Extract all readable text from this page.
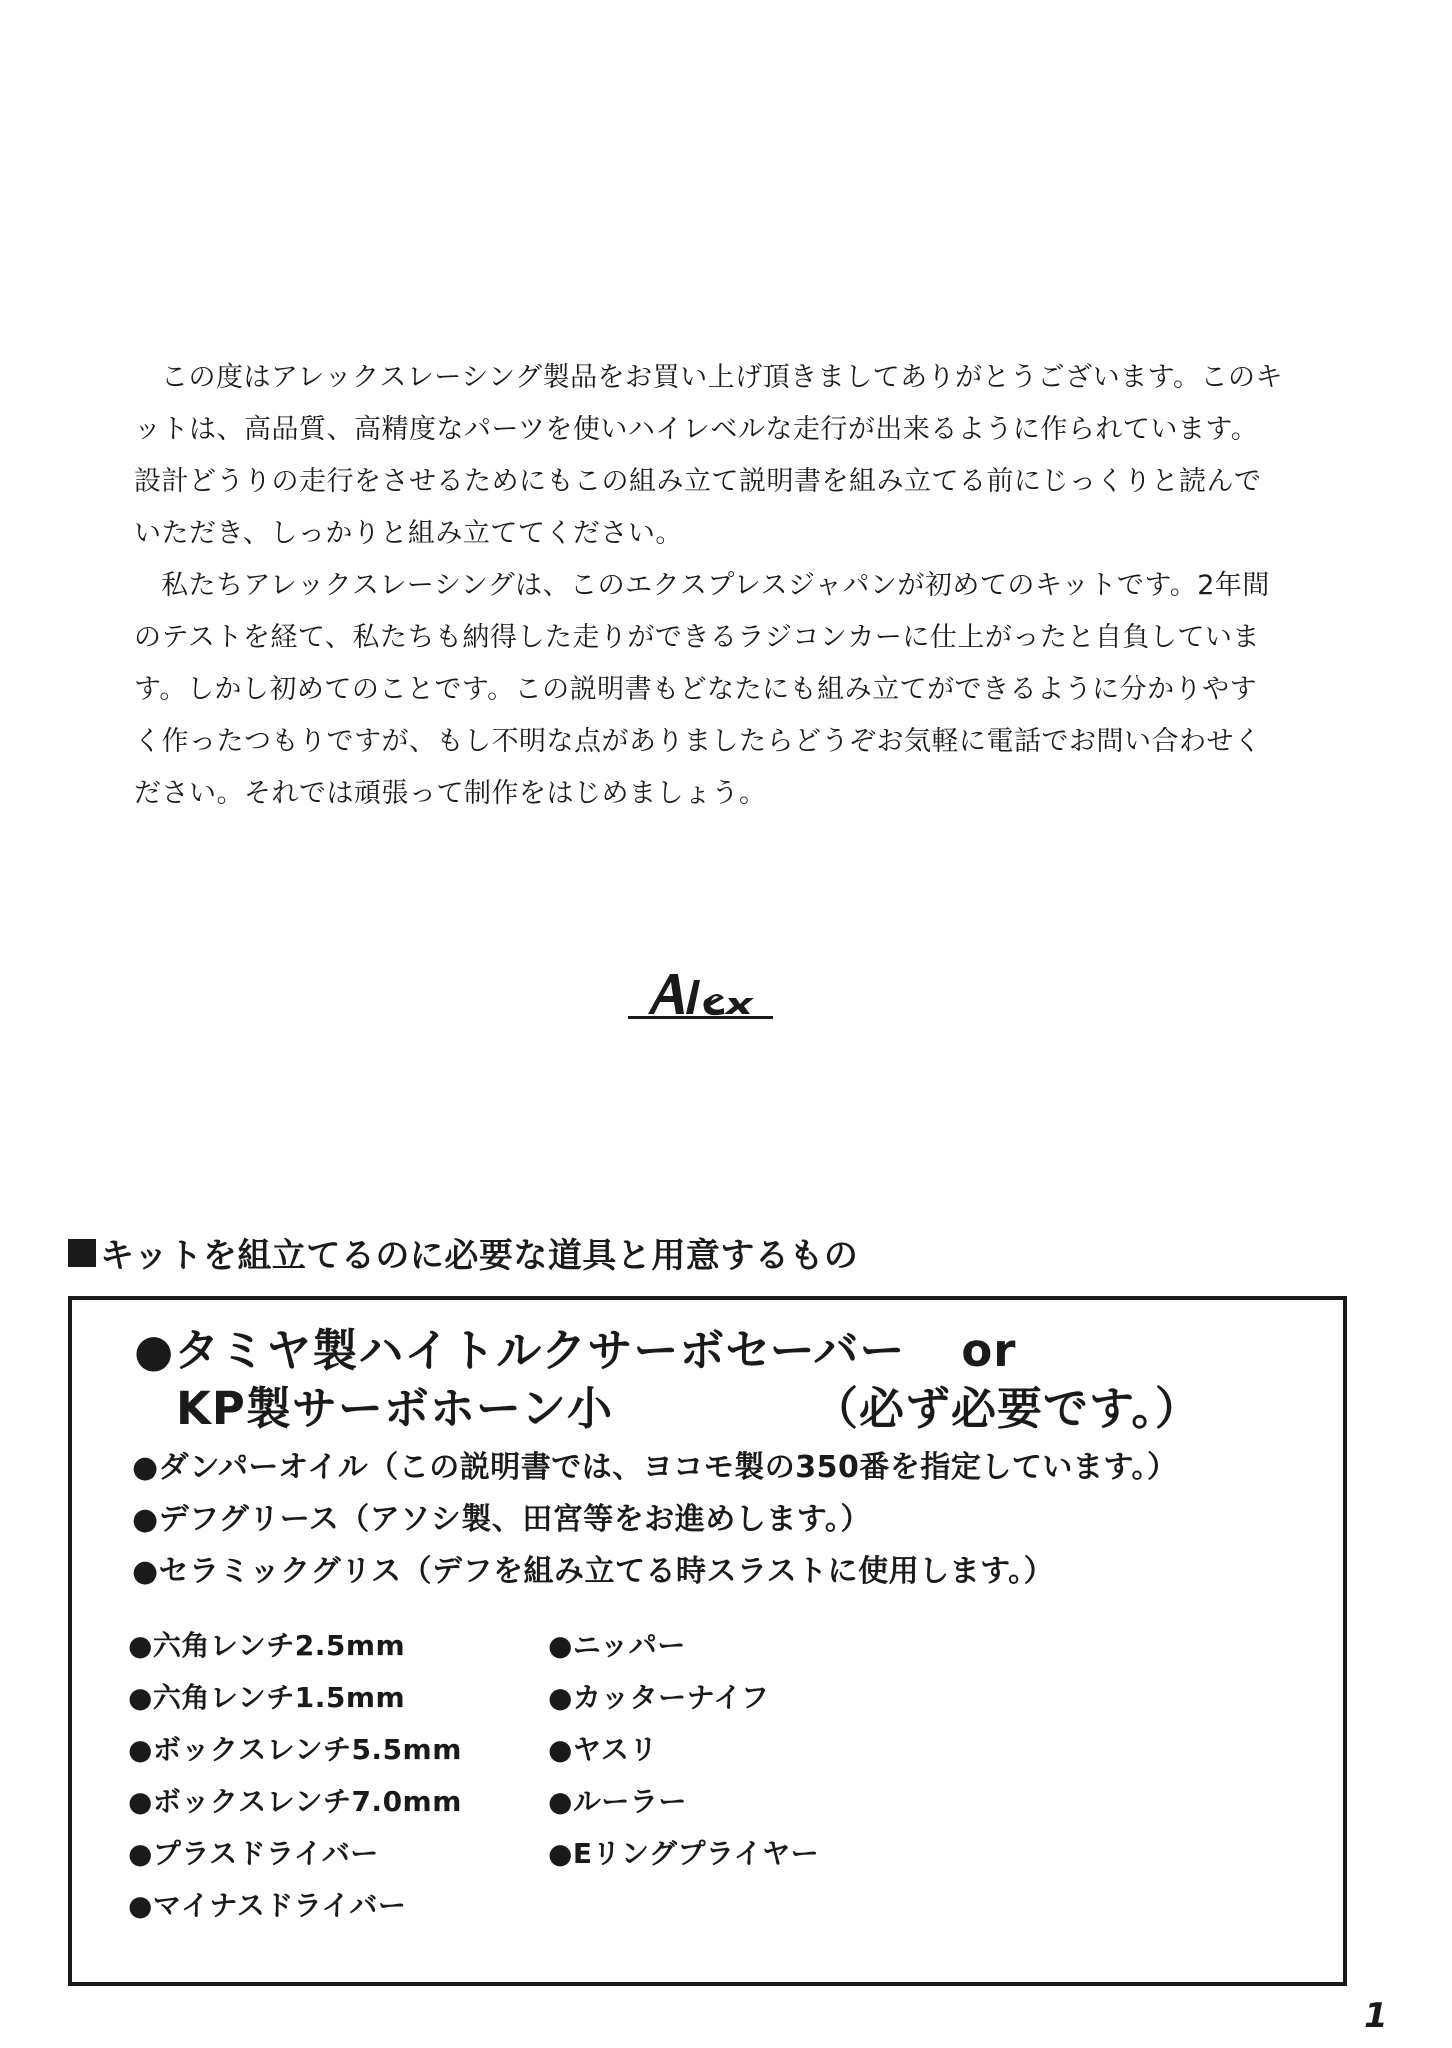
この度はアレックスレーシング製品をお買い上げ頂きましてありがとうございます。このキットは、高品質、高精度なパーツを使いハイレベルな走行が出来るように作られています。設計どうりの走行をさせるためにもこの組み立て説明書を組み立てる前にじっくりと読んでいただき、しっかりと組み立ててください。

私たちアレックスレーシングは、このエクスプレスジャパンが初めてのキットです。2年間のテストを経て、私たちも納得した走りができるラジコンカーに仕上がったと自負しています。しかし初めてのことです。この説明書もどなたにも組み立てができるように分かりやすく作ったつもりですが、もし不明な点がありましたらどうぞお気軽に電話でお問い合わせください。それでは頑張って制作をはじめましょう。

キットを組立てるのに必要な道具と用意するもの
●タミヤ製ハイトルクサーボセーバー or
KP製サーボホーン小	（必ず必要です。）
●ダンパーオイル（この説明書では、ヨコモ製の350番を指定しています。）
●デフグリース（アソシ製、田宮等をお進めします。）
●セラミックグリス（デフを組み立てる時スラストに使用します。）
●六角レンチ2.5mm
●六角レンチ1.5mm
●ボックスレンチ5.5mm
●ボックスレンチ7.0mm
●プラスドライバー
●マイナスドライバー
●ニッパー
●カッターナイフ
●ヤスリ
●ルーラー
●Eリングプライヤー
1
